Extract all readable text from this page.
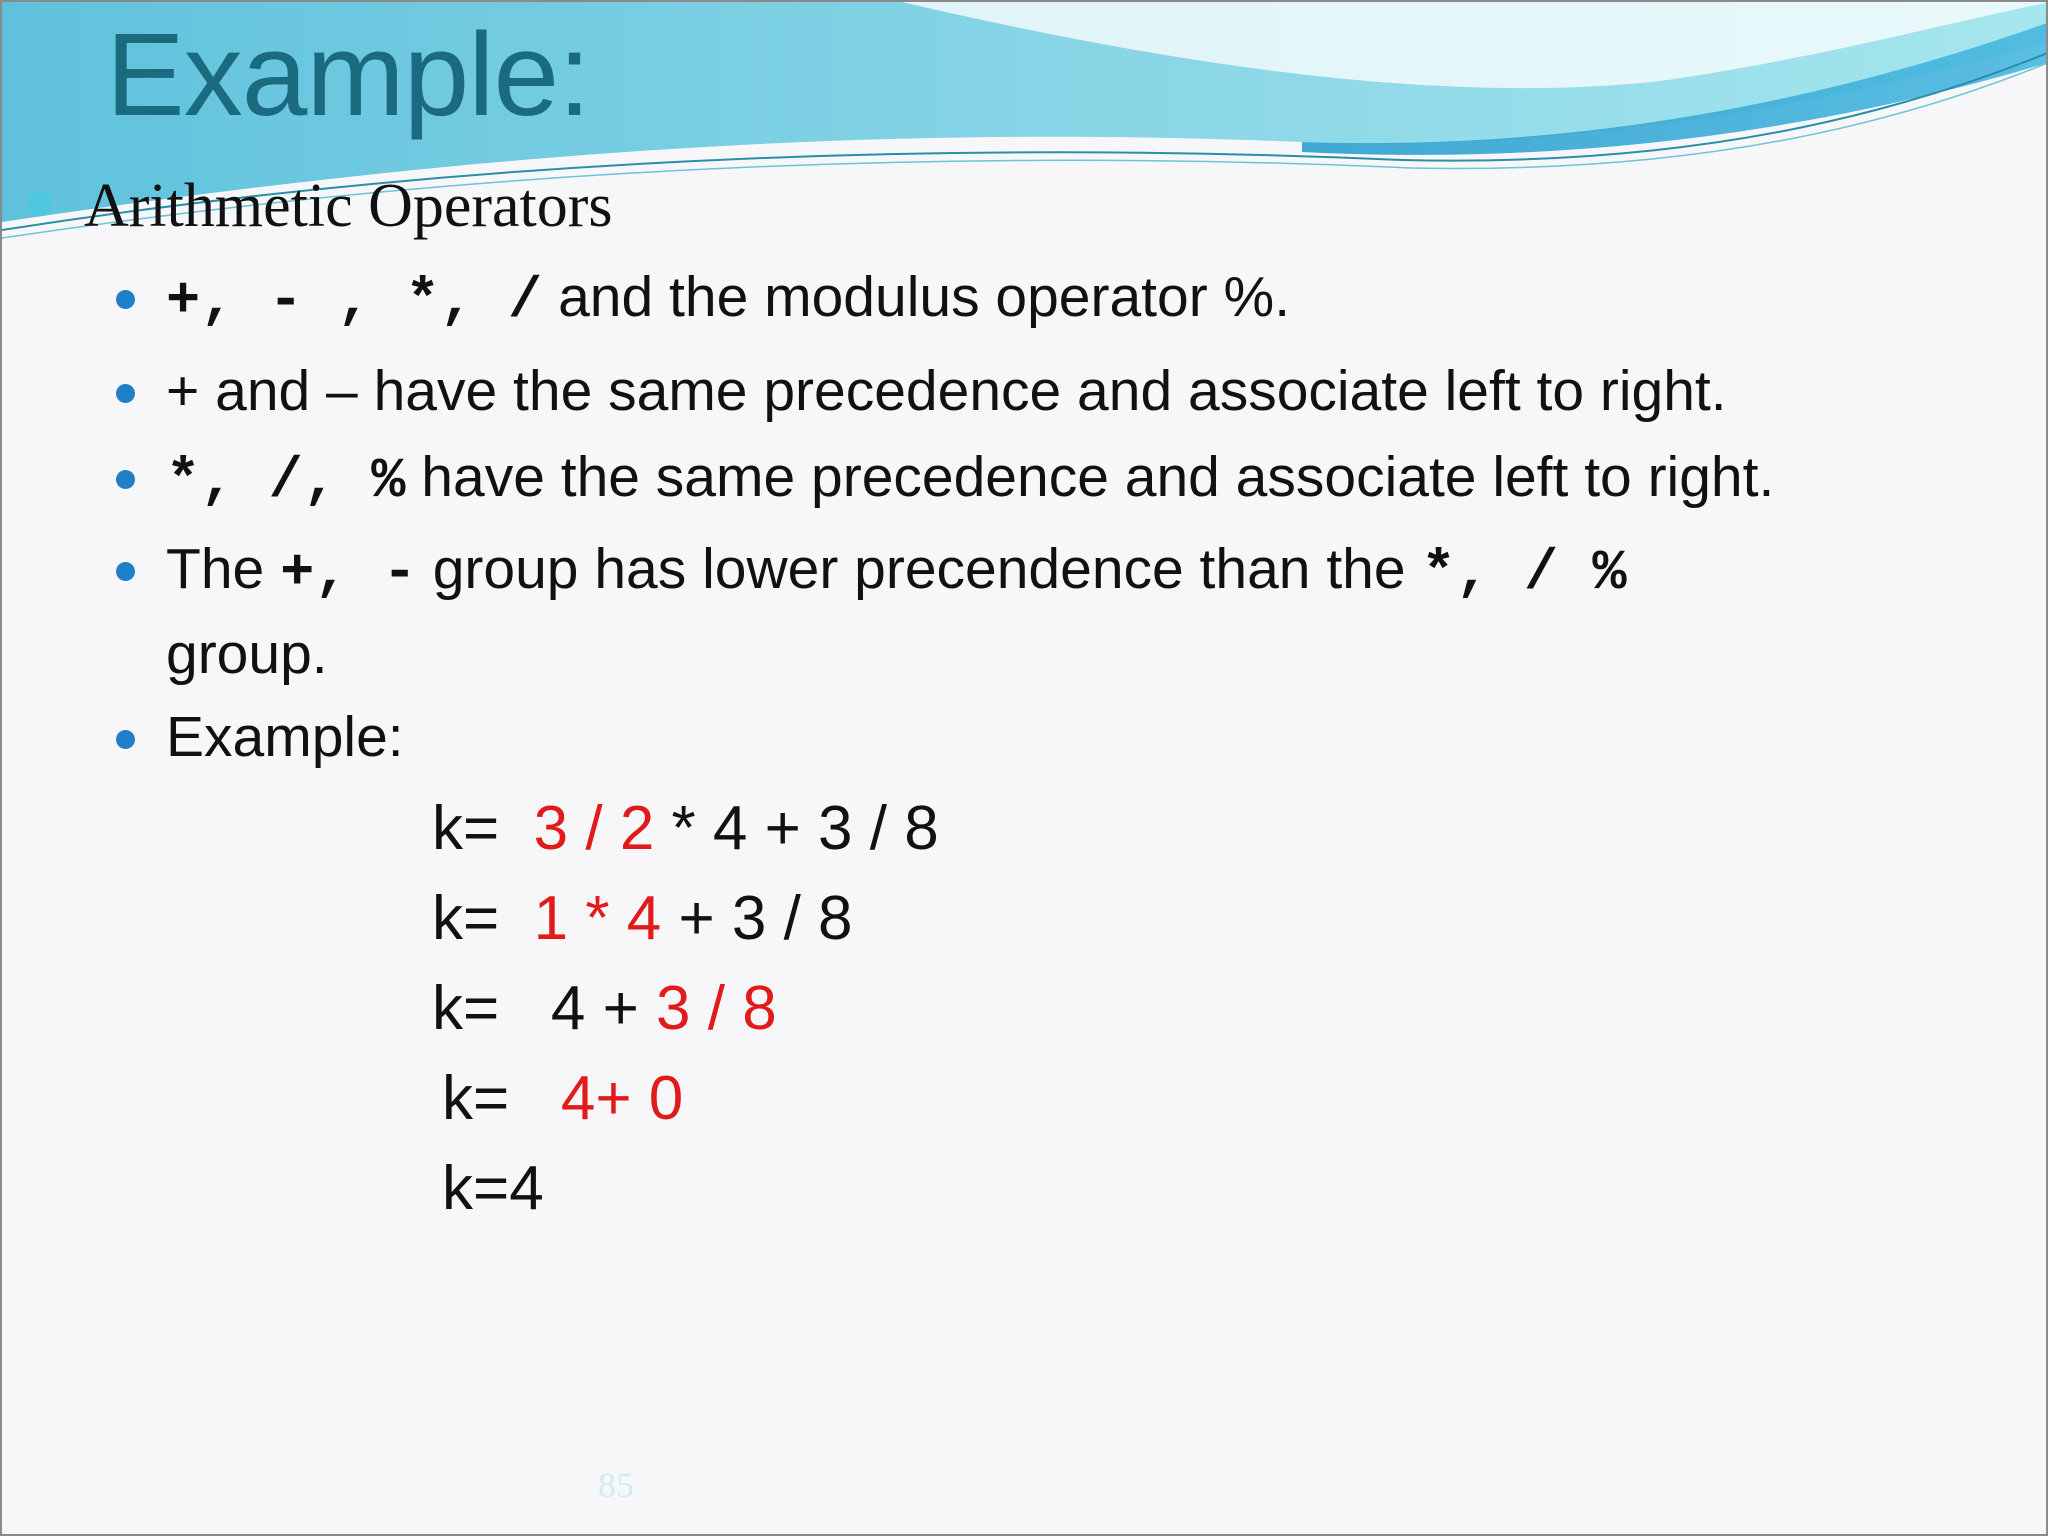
Example:
Arithmetic Operators
+, - , *, / and the modulus operator %.
+ and – have the same precedence and associate left to right.
*, /, % have the same precedence and associate left to right.
The +, - group has lower precendence than the *, / %
group.
Example:
k=  3 / 2 * 4 + 3 / 8
k=  1 * 4 + 3 / 8
k=   4 + 3 / 8
k=   4+ 0
k=4
85
